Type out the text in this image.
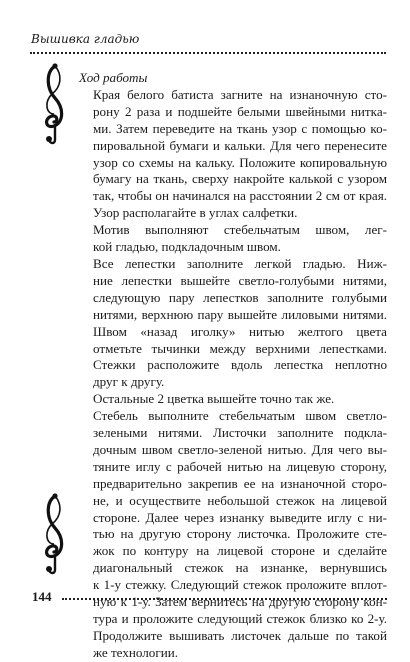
Вышивка гладью

Ход работы

Края белого батиста загните на изнаночную сто-
рону 2 раза и подшейте белыми швейными нитка-
ми. Затем переведите на ткань узор с помощью ко-
пировальной бумаги и кальки. Для чего перенесите
узор со схемы на кальку. Положите копировальную
бумагу на ткань, сверху накройте калькой с узором
так, чтобы он начинался на расстоянии 2 см от края.
Узор располагайте в углах салфетки.

Мотив выполняют стебельчатым швом, лег-
кой гладью, подкладочным швом.

Все лепестки заполните легкой гладью. Ниж-
ние лепестки вышейте светло-голубыми нитями,
следующую пару лепестков заполните голубыми
нитями, верхнюю пару вышейте лиловыми нитями.
Швом «назад иголку» нитью желтого цвета
отметьте тычинки между верхними лепестками.
Стежки расположите вдоль лепестка неплотно
друг к другу.

Остальные 2 цветка вышейте точно так же.

Стебель выполните стебельчатым швом светло-
зелеными нитями. Листочки заполните подкла-
дочным швом светло-зеленой нитью. Для чего вы-
тяните иглу с рабочей нитью на лицевую сторону,
предварительно закрепив ее на изнаночной сторо-
не, и осуществите небольшой стежок на лицевой
стороне. Далее через изнанку выведите иглу с ни-
тью на другую сторону листочка. Проложите сте-
жок по контуру на лицевой стороне и сделайте
диагональный стежок на изнанке, вернувшись
к 1-у стежку. Следующий стежок проложите вплот-
ную к 1-у. Затем вернитесь на другую сторону кон-
тура и проложите следующий стежок близко ко 2-у.
Продолжите вышивать листочек дальше по такой
же технологии.

144
